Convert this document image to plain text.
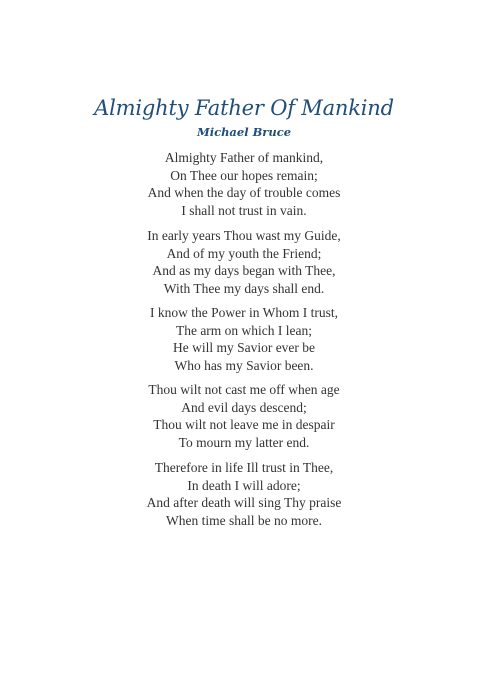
Almighty Father Of Mankind
Michael Bruce
Almighty Father of mankind,
On Thee our hopes remain;
And when the day of trouble comes
I shall not trust in vain.
In early years Thou wast my Guide,
And of my youth the Friend;
And as my days began with Thee,
With Thee my days shall end.
I know the Power in Whom I trust,
The arm on which I lean;
He will my Savior ever be
Who has my Savior been.
Thou wilt not cast me off when age
And evil days descend;
Thou wilt not leave me in despair
To mourn my latter end.
Therefore in life Ill trust in Thee,
In death I will adore;
And after death will sing Thy praise
When time shall be no more.
